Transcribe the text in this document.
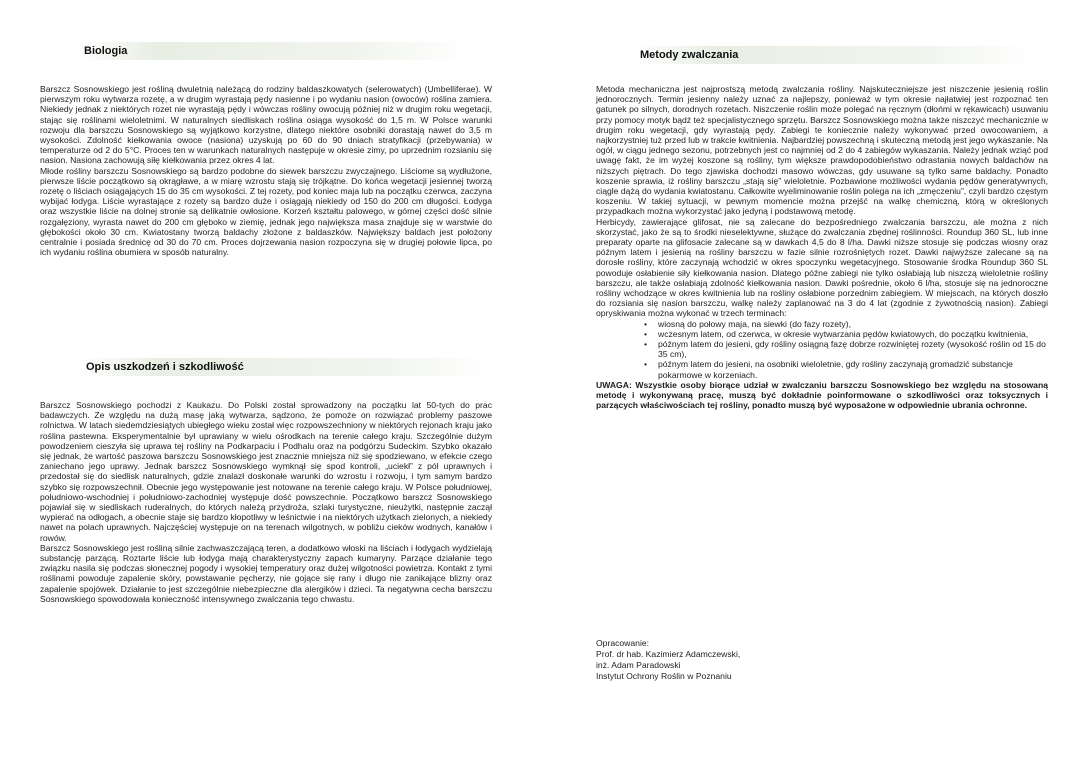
Biologia	Metody zwalczania
Opis uszkodzeń i szkodliwość

Barszcz Sosnowskiego jest rośliną dwuletnią należącą do rodziny baldaszkowatych (selerowatych) (Umbelliferae). W pierwszym roku wytwarza rozetę, a w drugim wyrastają pędy nasienne i po wydaniu nasion (owoców) roślina zamiera. Niekiedy jednak z niektórych rozet nie wyrastają pędy i wówczas rośliny owocują później niż w drugim roku wegetacji, stając się roślinami wieloletnimi. W naturalnych siedliskach roślina osiąga wysokość do 1,5 m. W Polsce warunki rozwoju dla barszczu Sosnowskiego są wyjątkowo korzystne, dlatego niektóre osobniki dorastają nawet do 3,5 m wysokości. Zdolność kiełkowania owoce (nasiona) uzyskują po 60 do 90 dniach stratyfikacji (przebywania) w temperaturze od 2 do 5°C. Proces ten w warunkach naturalnych następuje w okresie zimy, po uprzednim rozsianiu się nasion. Nasiona zachowują siłę kiełkowania przez okres 4 lat.

Młode rośliny barszczu Sosnowskiego są bardzo podobne do siewek barszczu zwyczajnego. Liściome są wydłużone, pierwsze liście początkowo są okrągławe, a w miarę wzrostu stają się trójkątne. Do końca wegetacji jesiennej tworzą rozetę o liściach osiągających 15 do 35 cm wysokości. Z tej rozety, pod koniec maja lub na początku czerwca, zaczyna wybijać łodyga. Liście wyrastające z rozety są bardzo duże i osiągają niekiedy od 150 do 200 cm długości. Łodyga oraz wszystkie liście na dolnej stronie są delikatnie owłosione. Korzeń kształtu palowego, w górnej części dość silnie rozgałęziony, wyrasta nawet do 200 cm głęboko w ziemię, jednak jego największa masa znajduje się w warstwie do głębokości około 30 cm. Kwiatostany tworzą baldachy złożone z baldaszków. Największy baldach jest położony centralnie i posiada średnicę od 30 do 70 cm. Proces dojrzewania nasion rozpoczyna się w drugiej połowie lipca, po ich wydaniu roślina obumiera w sposób naturalny.

Barszcz Sosnowskiego pochodzi z Kaukazu. Do Polski został sprowadzony na początku lat 50-tych do prac badawczych. Ze względu na dużą masę jaką wytwarza, sądzono, że pomoże on rozwiązać problemy paszowe rolnictwa. W latach siedemdziesiątych ubiegłego wieku został więc rozpowszechniony w niektórych rejonach kraju jako roślina pastewna. Eksperymentalnie był uprawiany w wielu ośrodkach na terenie całego kraju. Szczególnie dużym powodzeniem cieszyła się uprawa tej rośliny na Podkarpaciu i Podhalu oraz na podgórzu Sudeckim. Szybko okazało się jednak, że wartość paszowa barszczu Sosnowskiego jest znacznie mniejsza niż się spodziewano, w efekcie czego zaniechano jego uprawy. Jednak barszcz Sosnowskiego wymknął się spod kontroli, „uciekł” z pól uprawnych i przedostał się do siedlisk naturalnych, gdzie znalazł doskonałe warunki do wzrostu i rozwoju, i tym samym bardzo szybko się rozpowszechnił. Obecnie jego występowanie jest notowane na terenie całego kraju. W Polsce południowej, południowo-wschodniej i południowo-zachodniej występuje dość powszechnie. Początkowo barszcz Sosnowskiego pojawiał się w siedliskach ruderalnych, do których należą przydroża, szlaki turystyczne, nieużytki, następnie zaczął wypierać na odłogach, a obecnie staje się bardzo kłopotliwy w leśnictwie i na niektórych użytkach zielonych, a niekiedy nawet na polach uprawnych. Najczęściej występuje on na terenach wilgotnych, w pobliżu cieków wodnych, kanałów i rowów.

Barszcz Sosnowskiego jest rośliną silnie zachwaszczającą teren, a dodatkowo włoski na liściach i łodygach wydzielają substancję parzącą. Roztarte liście lub łodyga mają charakterystyczny zapach kumaryny. Parzące działanie tego związku nasila się podczas słonecznej pogody i wysokiej temperatury oraz dużej wilgotności powietrza. Kontakt z tymi roślinami powoduje zapalenie skóry, powstawanie pęcherzy, nie gojące się rany i długo nie zanikające blizny oraz zapalenie spojówek. Działanie to jest szczególnie niebezpieczne dla alergików i dzieci. Ta negatywna cecha barszczu Sosnowskiego spowodowała konieczność intensywnego zwalczania tego chwastu.

Metoda mechaniczna jest najprostszą metodą zwalczania rośliny. Najskuteczniejsze jest niszczenie jesienią roślin jednorocznych. Termin jesienny należy uznać za najlepszy, ponieważ w tym okresie najłatwiej jest rozpoznać ten gatunek po silnych, dorodnych rozetach. Niszczenie roślin może polegać na ręcznym (dłońmi w rękawicach) usuwaniu przy pomocy motyk bądź też specjalistycznego sprzętu. Barszcz Sosnowskiego można także niszczyć mechanicznie w drugim roku wegetacji, gdy wyrastają pędy. Zabiegi te koniecznie należy wykonywać przed owocowaniem, a najkorzystniej tuż przed lub w trakcie kwitnienia. Najbardziej powszechną i skuteczną metodą jest jego wykaszanie. Na ogół, w ciągu jednego sezonu, potrzebnych jest co najmniej od 2 do 4 zabiegów wykaszania. Należy jednak wziąć pod uwagę fakt, że im wyżej koszone są rośliny, tym większe prawdopodobieństwo odrastania nowych baldachów na niższych piętrach. Do tego zjawiska dochodzi masowo wówczas, gdy usuwane są tylko same baldachy. Ponadto koszenie sprawia, iż rośliny barszczu „stają się” wieloletnie. Pozbawione możliwości wydania pędów generatywnych, ciągle dążą do wydania kwiatostanu. Całkowite wyeliminowanie roślin polega na ich „zmęczeniu”, czyli bardzo częstym koszeniu. W takiej sytuacji, w pewnym momencie można przejść na walkę chemiczną, którą w określonych przypadkach można wykorzystać jako jedyną i podstawową metodę.

Herbicydy, zawierające glifosat, nie są zalecane do bezpośredniego zwalczania barszczu, ale można z nich skorzystać, jako że są to środki nieselektywne, służące do zwalczania zbędnej roślinności. Roundup 360 SL, lub inne preparaty oparte na glifosacie zalecane są w dawkach 4,5 do 8 l/ha. Dawki niższe stosuje się podczas wiosny oraz późnym latem i jesienią na rośliny barszczu w fazie silnie rozrośniętych rozet. Dawki najwyższe zalecane są na dorosłe rośliny, które zaczynają wchodzić w okres spoczynku wegetacyjnego. Stosowanie środka Roundup 360 SL powoduje osłabienie siły kiełkowania nasion. Dlatego późne zabiegi nie tylko osłabiają lub niszczą wieloletnie rośliny barszczu, ale także osłabiają zdolność kiełkowania nasion. Dawki pośrednie, około 6 l/ha, stosuje się na jednoroczne rośliny wchodzące w okres kwitnienia lub na rośliny osłabione porzednim zabiegiem. W miejscach, na których doszło do rozsiania się nasion barszczu, walkę należy zaplanować na 3 do 4 lat (zgodnie z żywotnością nasion). Zabiegi opryskiwania można wykonać w trzech terminach:

• wiosną do połowy maja, na siewki (do fazy rozety),
• wczesnym latem, od czerwca, w okresie wytwarzania pędów kwiatowych, do początku kwitnienia,
• późnym latem do jesieni, gdy rośliny osiągną fazę dobrze rozwiniętej rozety (wysokość roślin od 15 do 35 cm),
• późnym latem do jesieni, na osobniki wieloletnie, gdy rośliny zaczynają gromadzić substancje pokarmowe w korzeniach.

UWAGA: Wszystkie osoby biorące udział w zwalczaniu barszczu Sosnowskiego bez względu na stosowaną metodę i wykonywaną pracę, muszą być dokładnie poinformowane o szkodliwości oraz toksycznych i parzących właściwościach tej rośliny, ponadto muszą być wyposażone w odpowiednie ubrania ochronne.

Opracowanie:
Prof. dr hab. Kazimierz Adamczewski,
inż. Adam Paradowski
Instytut Ochrony Roślin w Poznaniu
